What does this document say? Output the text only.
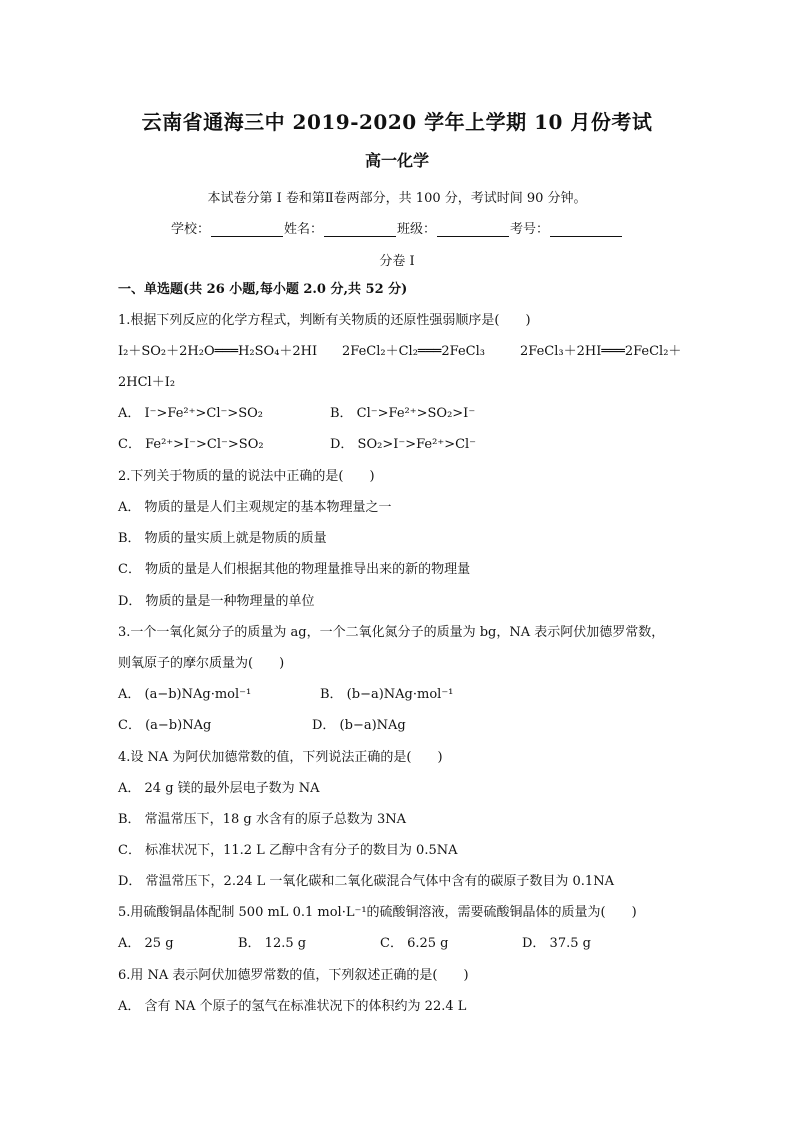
云南省通海三中 2019-2020 学年上学期 10 月份考试
高一化学
本试卷分第 I 卷和第Ⅱ卷两部分，共 100 分，考试时间 90 分钟。
学校：	姓名：	班级：	考号：
分卷 I
一、单选题(共 26 小题,每小题 2.0 分,共 52 分)
1.根据下列反应的化学方程式，判断有关物质的还原性强弱顺序是(　　)
I₂＋SO₂＋2H₂O═══H₂SO₄＋2HI 2FeCl₂＋Cl₂═══2FeCl₃	2FeCl₃＋2HI═══2FeCl₂＋
2HCl＋I₂
A． I⁻>Fe²⁺>Cl⁻>SO₂	B． Cl⁻>Fe²⁺>SO₂>I⁻
C． Fe²⁺>I⁻>Cl⁻>SO₂	D． SO₂>I⁻>Fe²⁺>Cl⁻
2.下列关于物质的量的说法中正确的是(　　)
A． 物质的量是人们主观规定的基本物理量之一
B． 物质的量实质上就是物质的质量
C． 物质的量是人们根据其他的物理量推导出来的新的物理量
D． 物质的量是一种物理量的单位
3.一个一氧化氮分子的质量为 ag，一个二氧化氮分子的质量为 bg，NA 表示阿伏加德罗常数，
则氧原子的摩尔质量为(　　)
A． (a−b)NAg·mol⁻¹	B． (b−a)NAg·mol⁻¹
C． (a−b)NAg	D． (b−a)NAg
4.设 NA 为阿伏加德常数的值，下列说法正确的是(　　)
A． 24 g 镁的最外层电子数为 NA
B． 常温常压下，18 g 水含有的原子总数为 3NA
C． 标准状况下，11.2 L 乙醇中含有分子的数目为 0.5NA
D． 常温常压下，2.24 L 一氧化碳和二氧化碳混合气体中含有的碳原子数目为 0.1NA
5.用硫酸铜晶体配制 500 mL 0.1 mol·L⁻¹的硫酸铜溶液，需要硫酸铜晶体的质量为(　　)
A． 25 g	B． 12.5 g	C． 6.25 g	D． 37.5 g
6.用 NA 表示阿伏加德罗常数的值，下列叙述正确的是(　　)
A． 含有 NA 个原子的氢气在标准状况下的体积约为 22.4 L
